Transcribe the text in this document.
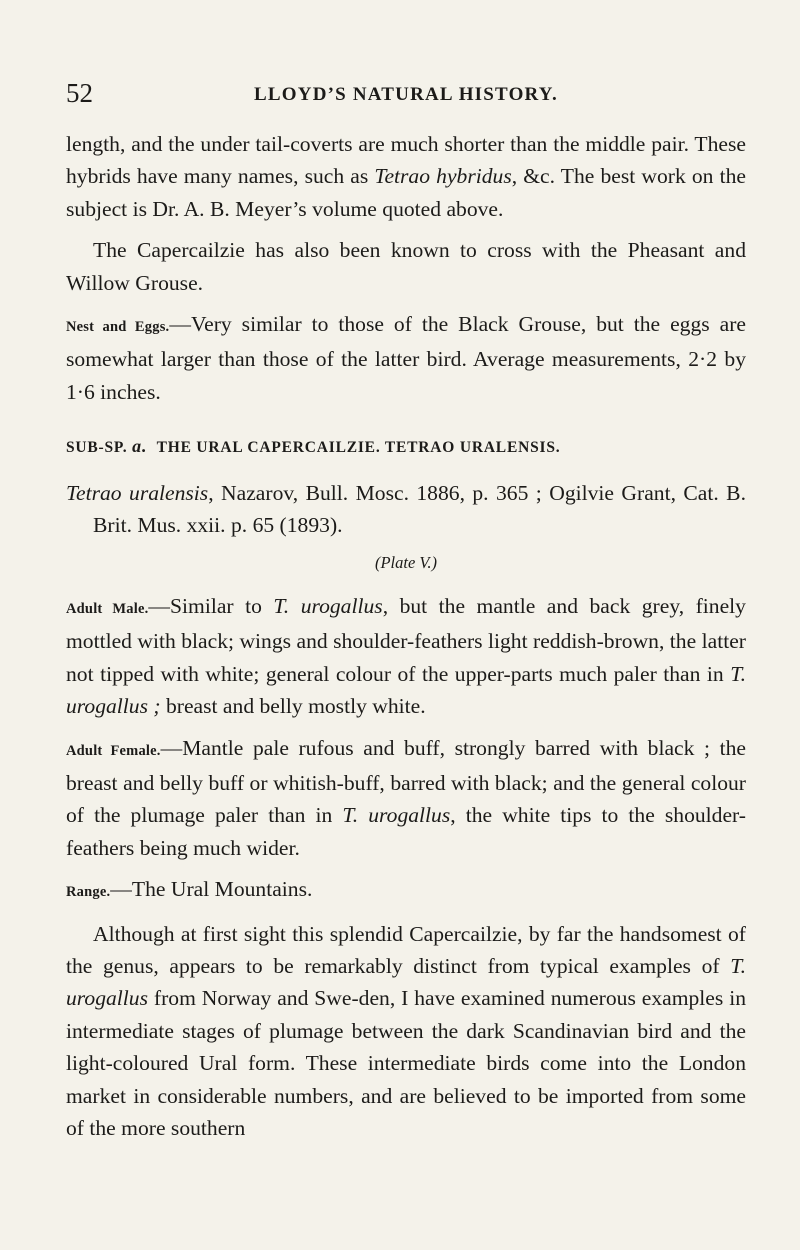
52	LLOYD’S NATURAL HISTORY.

length, and the under tail-coverts are much shorter than the middle pair. These hybrids have many names, such as Tetrao hybridus, &c. The best work on the subject is Dr. A. B. Meyer’s volume quoted above.

The Capercailzie has also been known to cross with the Pheasant and Willow Grouse.

Nest and Eggs.—Very similar to those of the Black Grouse, but the eggs are somewhat larger than those of the latter bird. Average measurements, 2·2 by 1·6 inches.

SUB-SP. a. THE URAL CAPERCAILZIE. TETRAO URALENSIS.

Tetrao uralensis, Nazarov, Bull. Mosc. 1886, p. 365 ; Ogilvie Grant, Cat. B. Brit. Mus. xxii. p. 65 (1893).

(Plate V.)

Adult Male.—Similar to T. urogallus, but the mantle and back grey, finely mottled with black; wings and shoulder-feathers light reddish-brown, the latter not tipped with white; general colour of the upper-parts much paler than in T. urogallus ; breast and belly mostly white.

Adult Female.—Mantle pale rufous and buff, strongly barred with black ; the breast and belly buff or whitish-buff, barred with black; and the general colour of the plumage paler than in T. urogallus, the white tips to the shoulder-feathers being much wider.

Range.—The Ural Mountains.

Although at first sight this splendid Capercailzie, by far the handsomest of the genus, appears to be remarkably distinct from typical examples of T. urogallus from Norway and Swe-den, I have examined numerous examples in intermediate stages of plumage between the dark Scandinavian bird and the light-coloured Ural form. These intermediate birds come into the London market in considerable numbers, and are believed to be imported from some of the more southern
